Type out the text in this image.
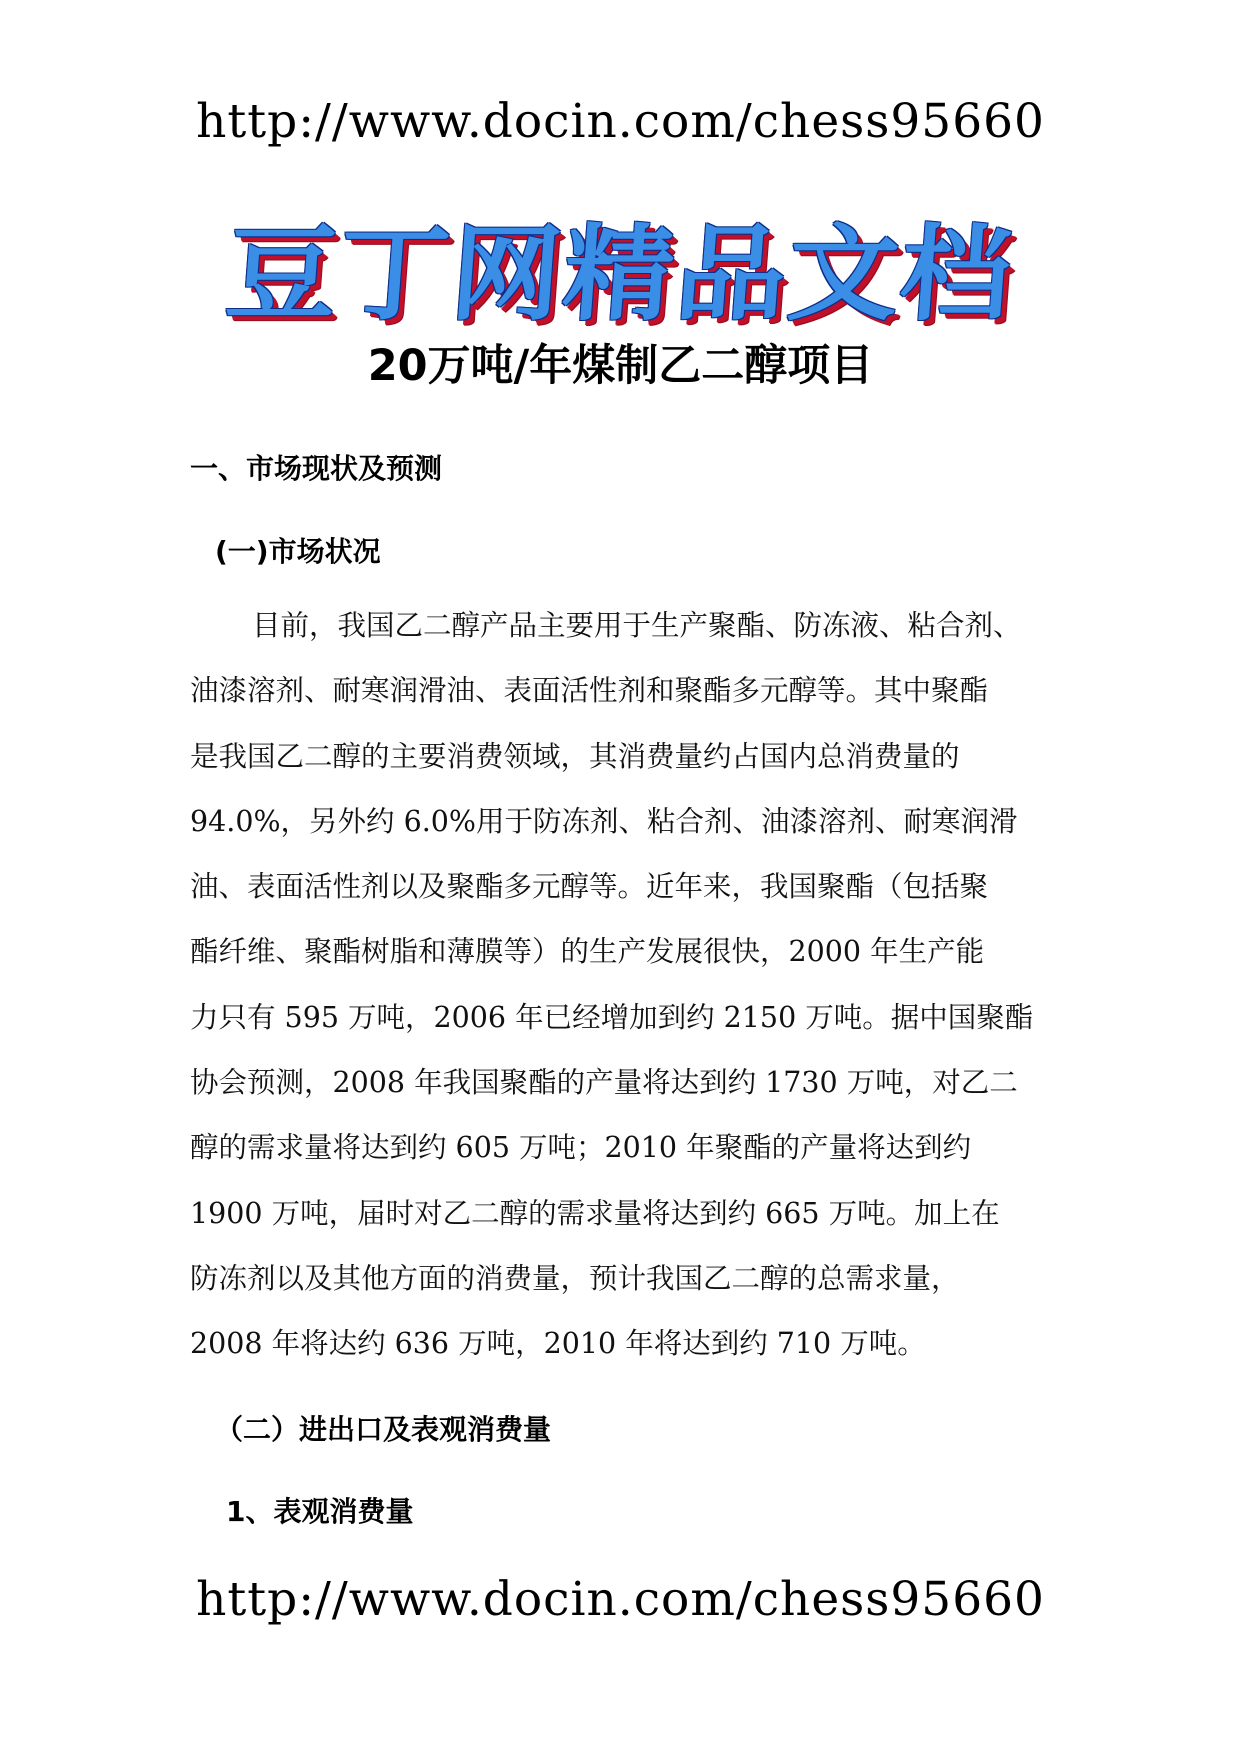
http://www.docin.com/chess95660
豆丁网精品文档
20万吨/年煤制乙二醇项目
一、市场现状及预测
(一)市场状况
目前，我国乙二醇产品主要用于生产聚酯、防冻液、粘合剂、
油漆溶剂、耐寒润滑油、表面活性剂和聚酯多元醇等。其中聚酯
是我国乙二醇的主要消费领域，其消费量约占国内总消费量的
94.0%，另外约 6.0%用于防冻剂、粘合剂、油漆溶剂、耐寒润滑
油、表面活性剂以及聚酯多元醇等。近年来，我国聚酯（包括聚
酯纤维、聚酯树脂和薄膜等）的生产发展很快，2000 年生产能
力只有 595 万吨，2006 年已经增加到约 2150 万吨。据中国聚酯
协会预测，2008 年我国聚酯的产量将达到约 1730 万吨，对乙二
醇的需求量将达到约 605 万吨；2010 年聚酯的产量将达到约
1900 万吨，届时对乙二醇的需求量将达到约 665 万吨。加上在
防冻剂以及其他方面的消费量，预计我国乙二醇的总需求量，
2008 年将达约 636 万吨，2010 年将达到约 710 万吨。
（二）进出口及表观消费量
1、表观消费量
http://www.docin.com/chess95660
